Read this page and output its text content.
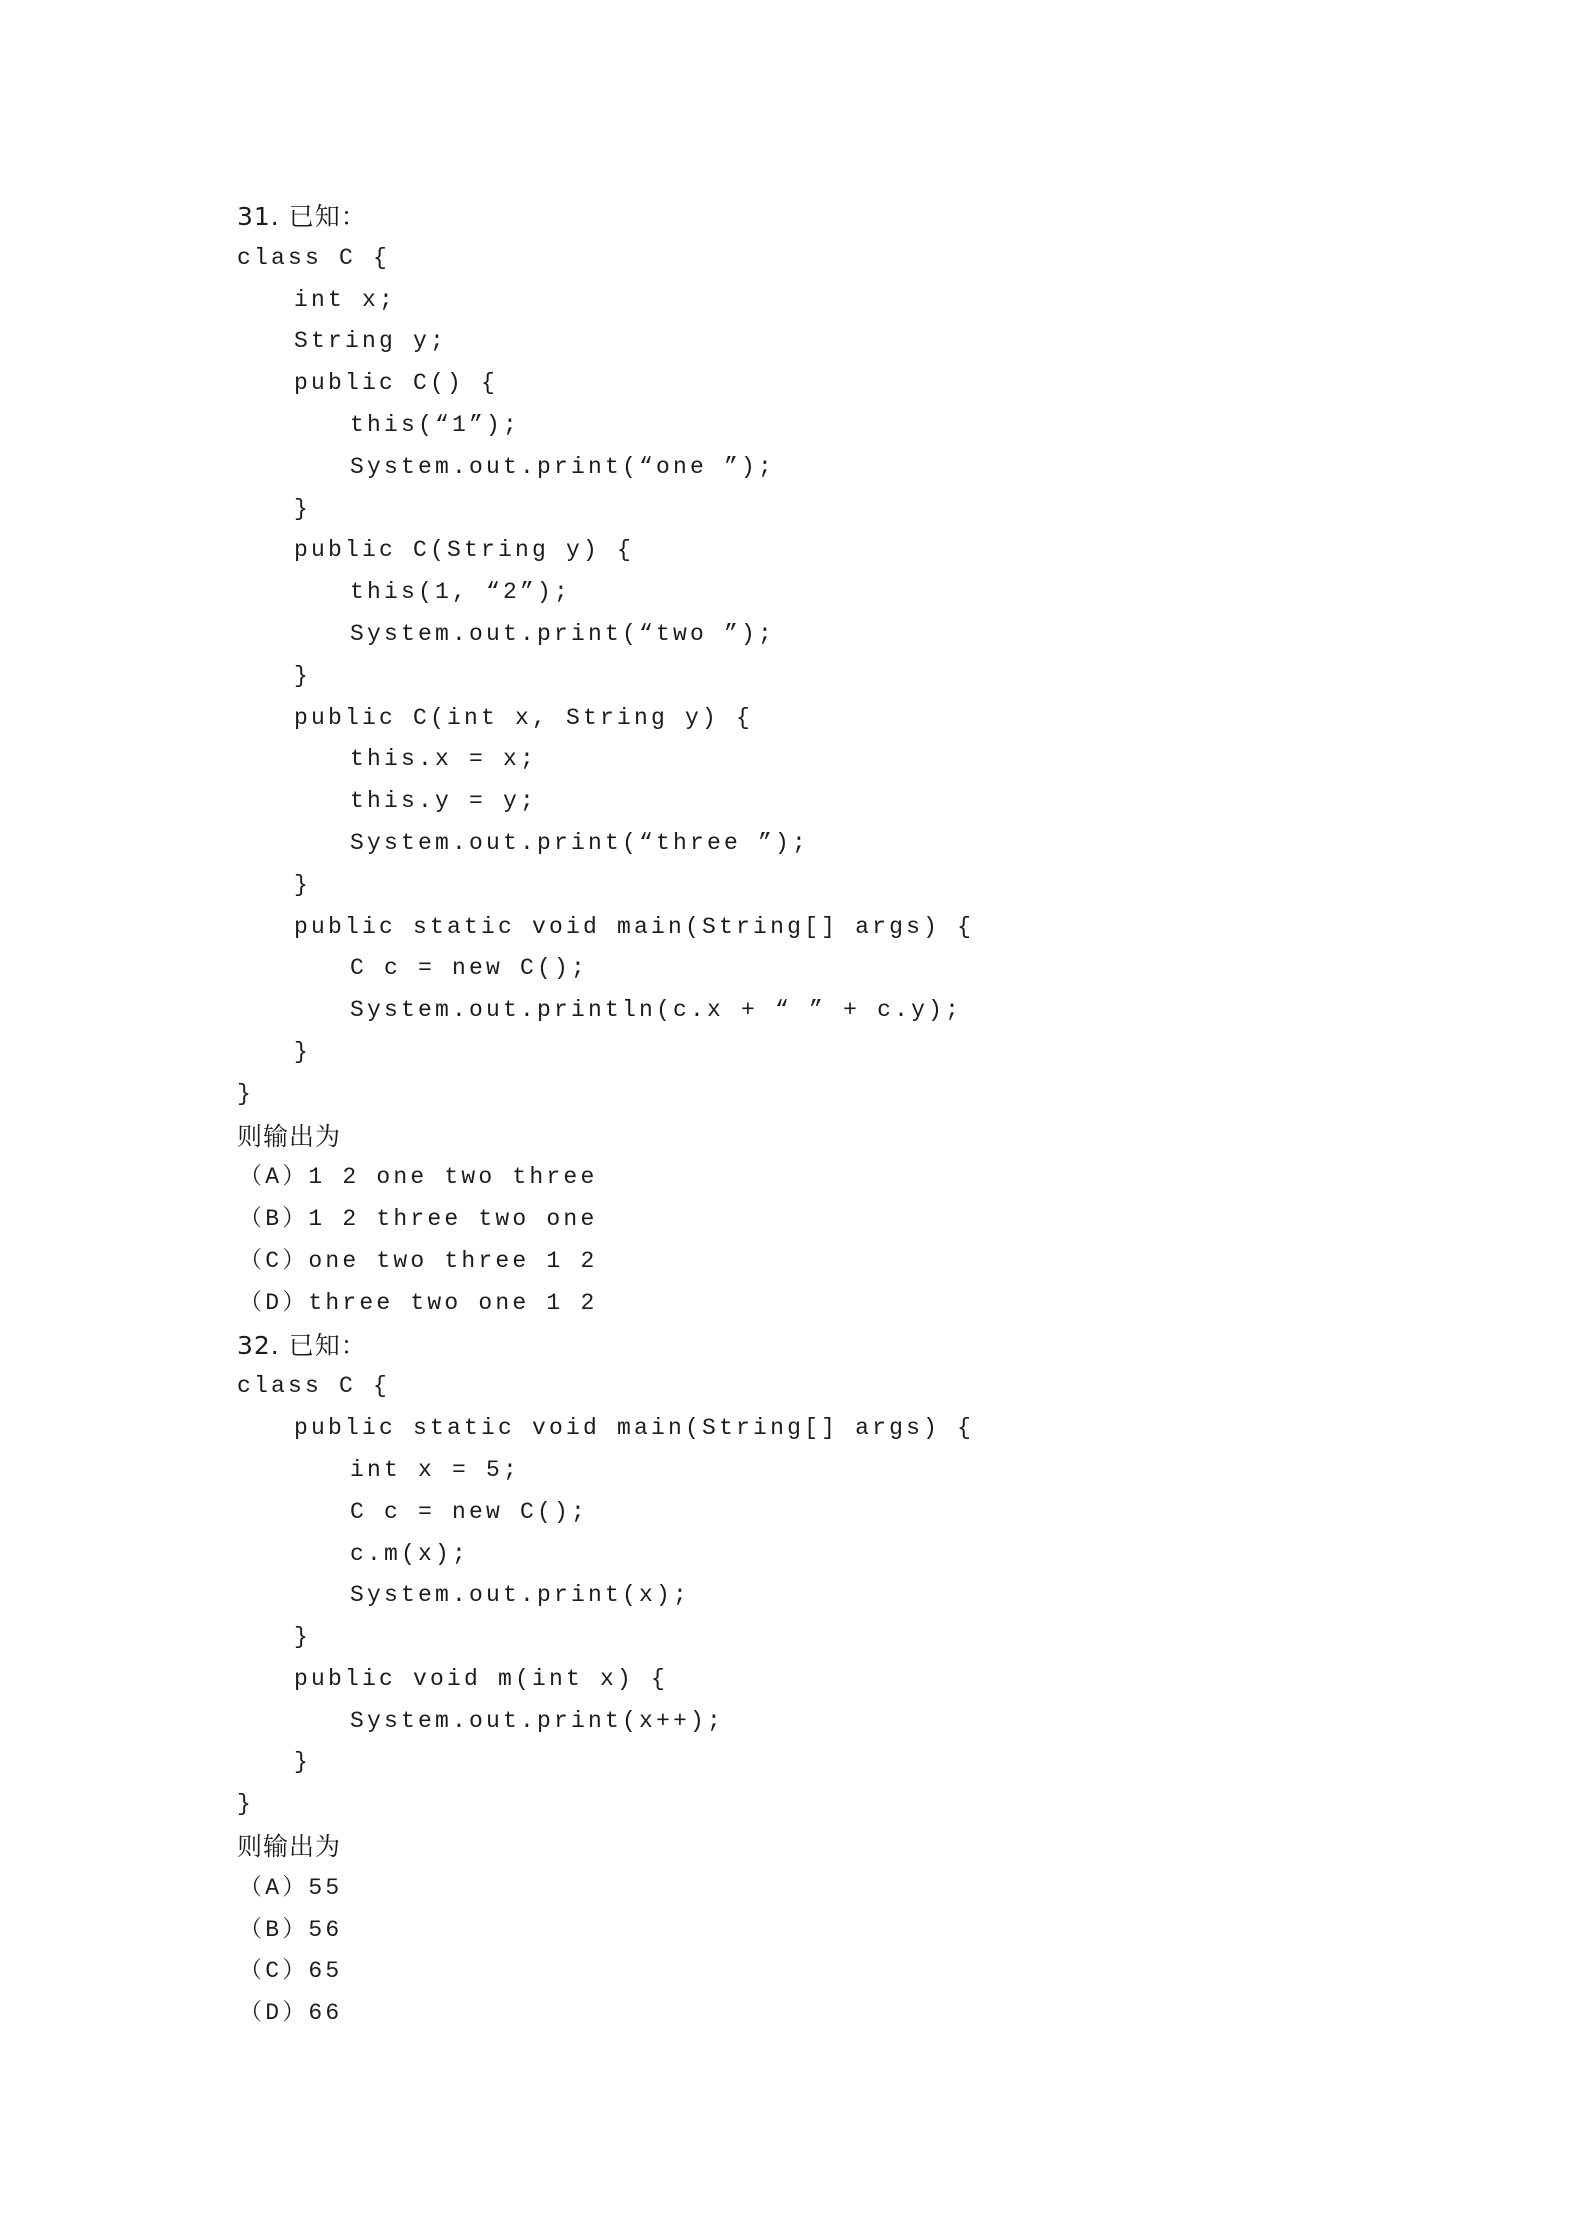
31. 已知：
class C {
int x;
String y;
public C() {
this(“1”);
System.out.print(“one ”);
}
public C(String y) {
this(1, “2”);
System.out.print(“two ”);
}
public C(int x, String y) {
this.x = x;
this.y = y;
System.out.print(“three ”);
}
public static void main(String[] args) {
C c = new C();
System.out.println(c.x + “ ” + c.y);
}
}
则输出为
（A）1 2 one two three
（B）1 2 three two one
（C）one two three 1 2
（D）three two one 1 2
32. 已知：
class C {
public static void main(String[] args) {
int x = 5;
C c = new C();
c.m(x);
System.out.print(x);
}
public void m(int x) {
System.out.print(x++);
}
}
则输出为
（A）55
（B）56
（C）65
（D）66
